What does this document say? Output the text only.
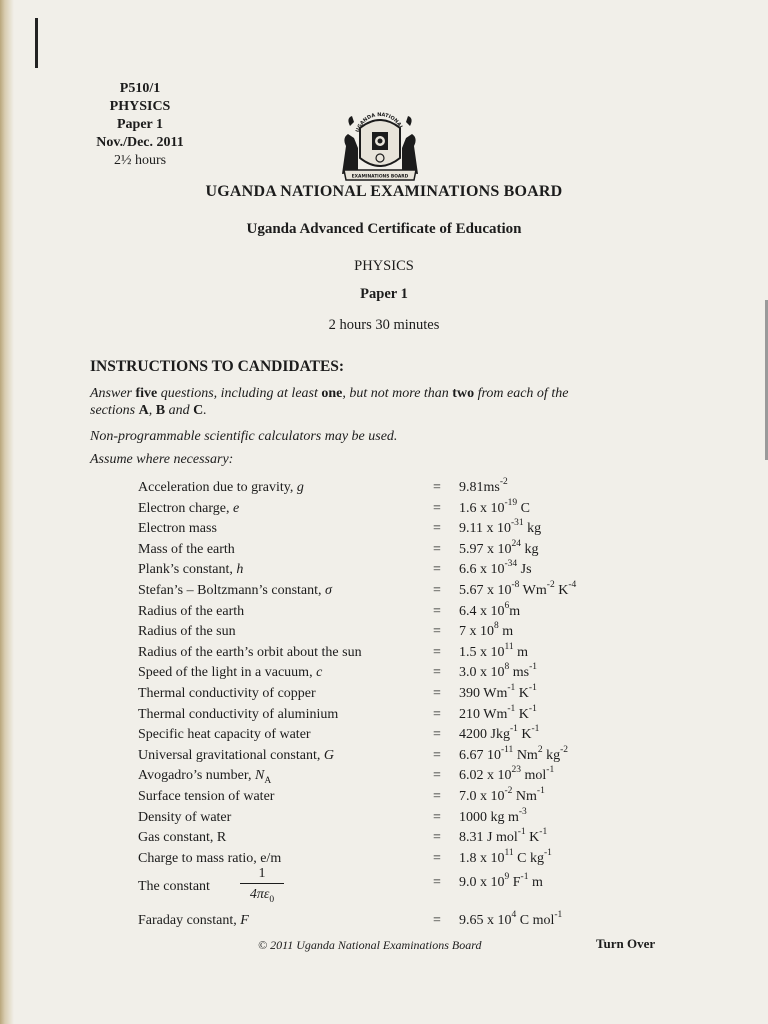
P510/1
PHYSICS
Paper 1
Nov./Dec. 2011
2½ hours
UGANDA NATIONAL
EXAMINATIONS BOARD
UGANDA NATIONAL EXAMINATIONS BOARD
Uganda Advanced Certificate of Education
PHYSICS
Paper 1
2 hours 30 minutes
INSTRUCTIONS TO CANDIDATES:
Answer five questions, including at least one, but not more than two from each of the
sections A, B and C.
Non-programmable scientific calculators may be used.
Assume where necessary:
Acceleration due to gravity, g	= $9.81ms^{-2}$
Electron charge, e	= 1.6 x $10^{-19}$ C
Electron mass	= 9.11 x $10^{-31}$ kg
Mass of the earth	= 5.97 x $10^{24}$ kg
Plank’s constant, h	= 6.6 x $10^{-34}$ Js
Stefan’s – Boltzmann’s constant, σ	= 5.67 x $10^{-8}$ $Wm^{-2}$ $K^{-4}$
Radius of the earth	= 6.4 x $10^6m$
Radius of the sun	= 7 x $10^8$ m
Radius of the earth’s orbit about the sun	= 1.5 x $10^{11}$ m
Speed of the light in a vacuum, c	= 3.0 x $10^8$ $ms^{-1}$
Thermal conductivity of copper	= 390 $Wm^{-1}$ $K^{-1}$
Thermal conductivity of aluminium	= 210 $Wm^{-1}$ $K^{-1}$
Specific heat capacity of water	= 4200 Jkg$^{-1}$ $K^{-1}$
Universal gravitational constant, G	= 6.67 $10^{-11}$ Nm$^2$ $kg^{-2}$
Avogadro’s number, $N_A$	= 6.02 x $10^{23}$ mol$^{-1}$
Surface tension of water	= 7.0 x $10^{-2}$ $Nm^{-1}$
Density of water	= 1000 kg $m^{-3}$
Gas constant, R	= 8.31 J mol$^{-1}$ $K^{-1}$
Charge to mass ratio, e/m	= 1.8 x $10^{11}$ C $kg^{-1}$
The constant $\frac{1}{4\pi\varepsilon_0}$	= 9.0 x $10^9$ $F^{-1}$ m
Faraday constant, F	= 9.65 x $10^4$ C mol$^{-1}$
© 2011 Uganda National Examinations Board	Turn Over
